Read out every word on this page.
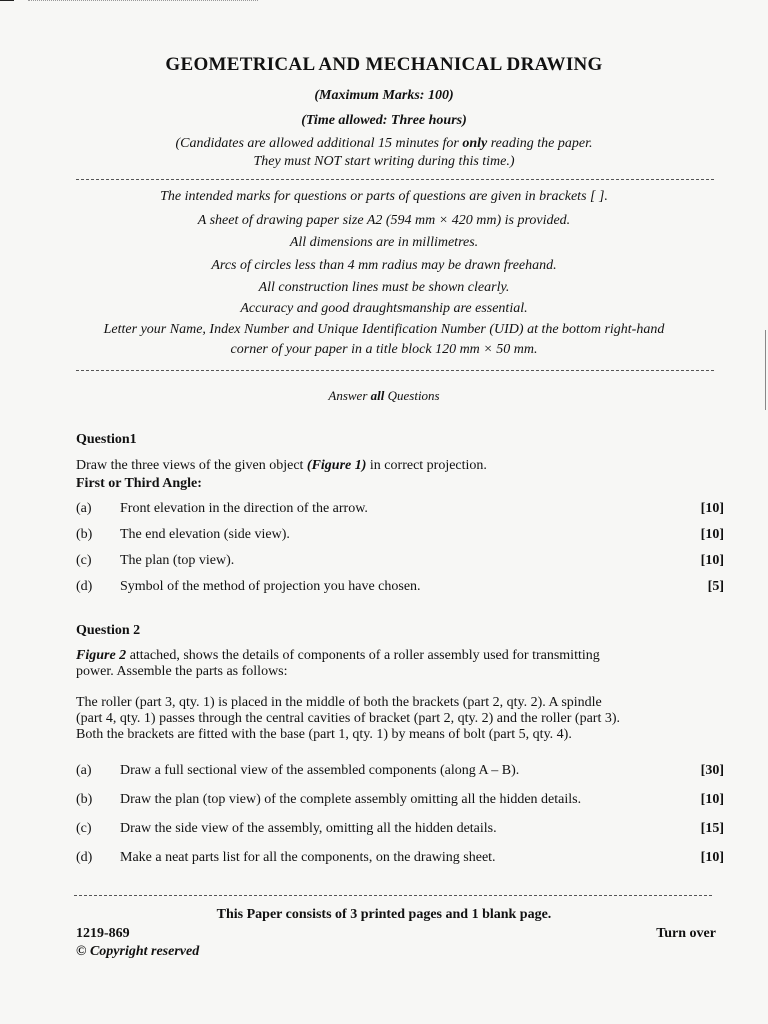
GEOMETRICAL AND MECHANICAL DRAWING
(Maximum Marks: 100)
(Time allowed: Three hours)
(Candidates are allowed additional 15 minutes for only reading the paper.
They must NOT start writing during this time.)
The intended marks for questions or parts of questions are given in brackets [ ].
A sheet of drawing paper size A2 (594 mm × 420 mm) is provided.
All dimensions are in millimetres.
Arcs of circles less than 4 mm radius may be drawn freehand.
All construction lines must be shown clearly.
Accuracy and good draughtsmanship are essential.
Letter your Name, Index Number and Unique Identification Number (UID) at the bottom right-hand
corner of your paper in a title block 120 mm × 50 mm.
Answer all Questions
Question1
Draw the three views of the given object (Figure 1) in correct projection.
First or Third Angle:
(a) Front elevation in the direction of the arrow.	[10]
(b) The end elevation (side view).	[10]
(c) The plan (top view).	[10]
(d) Symbol of the method of projection you have chosen.	[5]
Question 2
Figure 2 attached, shows the details of components of a roller assembly used for transmitting
power. Assemble the parts as follows:
The roller (part 3, qty. 1) is placed in the middle of both the brackets (part 2, qty. 2). A spindle
(part 4, qty. 1) passes through the central cavities of bracket (part 2, qty. 2) and the roller (part 3).
Both the brackets are fitted with the base (part 1, qty. 1) by means of bolt (part 5, qty. 4).
(a) Draw a full sectional view of the assembled components (along A – B).	[30]
(b) Draw the plan (top view) of the complete assembly omitting all the hidden details.	[10]
(c) Draw the side view of the assembly, omitting all the hidden details.	[15]
(d) Make a neat parts list for all the components, on the drawing sheet.	[10]
This Paper consists of 3 printed pages and 1 blank page.
1219-869	Turn over
© Copyright reserved
